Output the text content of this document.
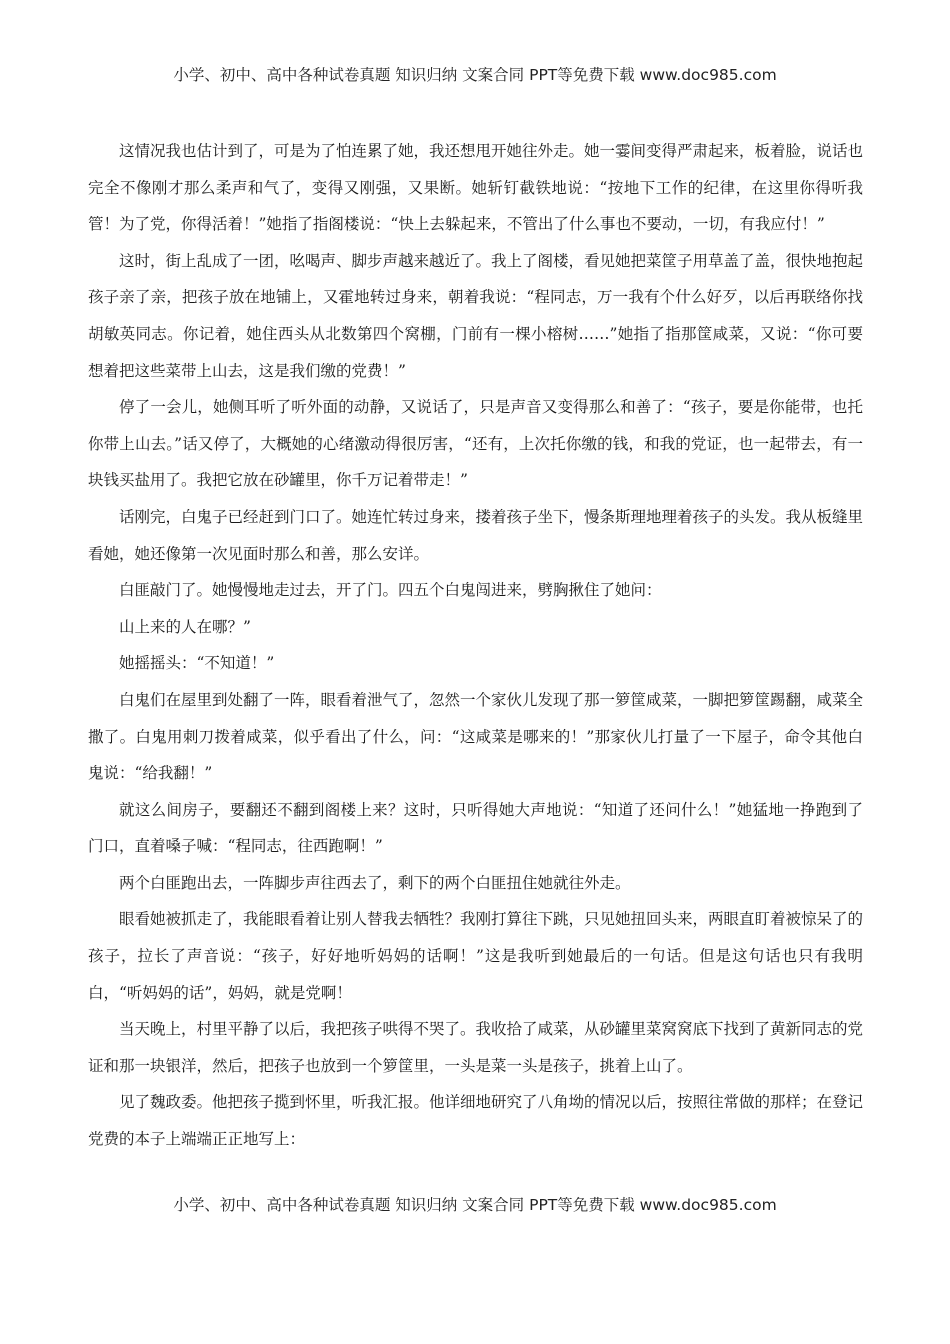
小学、初中、高中各种试卷真题 知识归纳 文案合同 PPT等免费下载 www.doc985.com

这情况我也估计到了，可是为了怕连累了她，我还想甩开她往外走。她一霎间变得严肃起来，板着脸，说话也完全不像刚才那么柔声和气了，变得又刚强，又果断。她斩钉截铁地说：“按地下工作的纪律，在这里你得听我管！为了党，你得活着！”她指了指阁楼说：“快上去躲起来，不管出了什么事也不要动，一切，有我应付！”

这时，街上乱成了一团，吆喝声、脚步声越来越近了。我上了阁楼，看见她把菜筐子用草盖了盖，很快地抱起孩子亲了亲，把孩子放在地铺上，又霍地转过身来，朝着我说：“程同志，万一我有个什么好歹，以后再联络你找胡敏英同志。你记着，她住西头从北数第四个窝棚，门前有一棵小榕树……”她指了指那筐咸菜，又说：“你可要想着把这些菜带上山去，这是我们缴的党费！”

停了一会儿，她侧耳听了听外面的动静，又说话了，只是声音又变得那么和善了：“孩子，要是你能带，也托你带上山去。”话又停了，大概她的心绪激动得很厉害，“还有，上次托你缴的钱，和我的党证，也一起带去，有一块钱买盐用了。我把它放在砂罐里，你千万记着带走！”

话刚完，白鬼子已经赶到门口了。她连忙转过身来，搂着孩子坐下，慢条斯理地理着孩子的头发。我从板缝里看她，她还像第一次见面时那么和善，那么安详。

白匪敲门了。她慢慢地走过去，开了门。四五个白鬼闯进来，劈胸揪住了她问：

山上来的人在哪？”

她摇摇头：“不知道！”

白鬼们在屋里到处翻了一阵，眼看着泄气了，忽然一个家伙儿发现了那一箩筐咸菜，一脚把箩筐踢翻，咸菜全撒了。白鬼用刺刀拨着咸菜，似乎看出了什么，问：“这咸菜是哪来的！”那家伙儿打量了一下屋子，命令其他白鬼说：“给我翻！”

就这么间房子，要翻还不翻到阁楼上来？这时，只听得她大声地说：“知道了还问什么！”她猛地一挣跑到了门口，直着嗓子喊：“程同志，往西跑啊！”

两个白匪跑出去，一阵脚步声往西去了，剩下的两个白匪扭住她就往外走。

眼看她被抓走了，我能眼看着让别人替我去牺牲？我刚打算往下跳，只见她扭回头来，两眼直盯着被惊呆了的孩子，拉长了声音说：“孩子，好好地听妈妈的话啊！”这是我听到她最后的一句话。但是这句话也只有我明白，“听妈妈的话”，妈妈，就是党啊！

当天晚上，村里平静了以后，我把孩子哄得不哭了。我收拾了咸菜，从砂罐里菜窝窝底下找到了黄新同志的党证和那一块银洋，然后，把孩子也放到一个箩筐里，一头是菜一头是孩子，挑着上山了。

见了魏政委。他把孩子揽到怀里，听我汇报。他详细地研究了八角坳的情况以后，按照往常做的那样；在登记党费的本子上端端正正地写上：

小学、初中、高中各种试卷真题 知识归纳 文案合同 PPT等免费下载 www.doc985.com
